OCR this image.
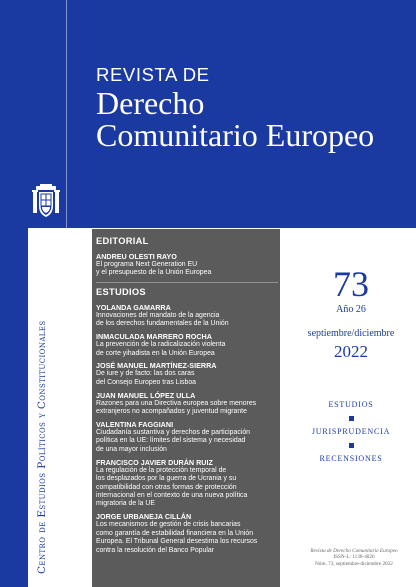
Centro de Estudios Políticos y Constitucionales
REVISTA DE
Derecho
Comunitario Europeo
EDITORIAL
ANDREU OLESTI RAYO
El programa Next Generation EU
y el presupuesto de la Unión Europea
ESTUDIOS
YOLANDA GAMARRA
Innovaciones del mandato de la agencia
de los derechos fundamentales de la Unión
INMACULADA MARRERO ROCHA
La prevención de la radicalización violenta
de corte yihadista en la Unión Europea
JOSÉ MANUEL MARTÍNEZ-SIERRA
De iure y de facto: las dos caras
del Consejo Europeo tras Lisboa
JUAN MANUEL LÓPEZ ULLA
Razones para una Directiva europea sobre menores
extranjeros no acompañados y juventud migrante
VALENTINA FAGGIANI
Ciudadanía sustantiva y derechos de participación
política en la UE: límites del sistema y necesidad
de una mayor inclusión
FRANCISCO JAVIER DURÁN RUIZ
La regulación de la protección temporal de
los desplazados por la guerra de Ucrania y su
compatibilidad con otras formas de protección
internacional en el contexto de una nueva política
migratoria de la UE
JORGE URBANEJA CILLÁN
Los mecanismos de gestión de crisis bancarias
como garantía de estabilidad financiera en la Unión
Europea. El Tribunal General desestima los recursos
contra la resolución del Banco Popular
73
Año 26
septiembre/diciembre
2022
ESTUDIOS
JURISPRUDENCIA
RECENSIONES
Revista de Derecho Comunitario Europeo
ISSN-L: 1138-4026
Núm. 73, septiembre-diciembre 2022
